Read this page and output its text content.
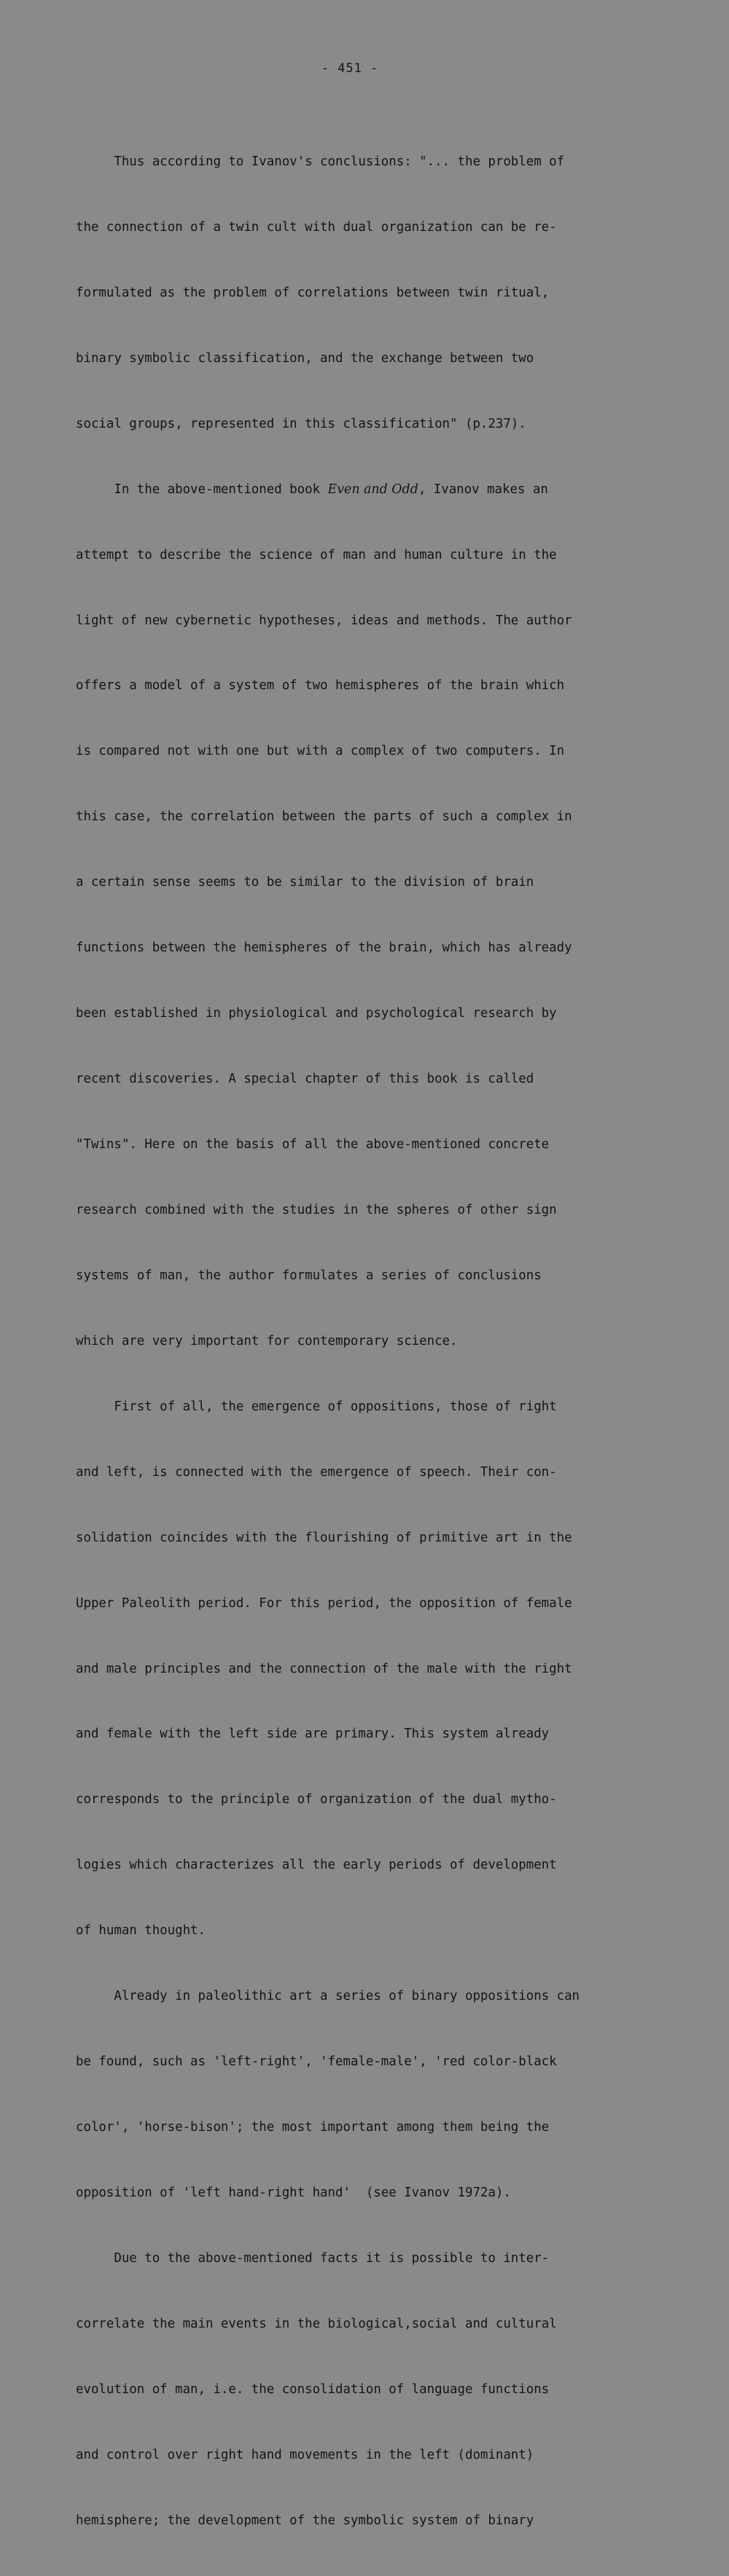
- 451 -

Thus according to Ivanov's conclusions: "... the problem of

the connection of a twin cult with dual organization can be re-

formulated as the problem of correlations between twin ritual,

binary symbolic classification, and the exchange between two

social groups, represented in this classification" (p.237).

In the above-mentioned book Even and Odd, Ivanov makes an

attempt to describe the science of man and human culture in the

light of new cybernetic hypotheses, ideas and methods. The author

offers a model of a system of two hemispheres of the brain which

is compared not with one but with a complex of two computers. In

this case, the correlation between the parts of such a complex in

a certain sense seems to be similar to the division of brain

functions between the hemispheres of the brain, which has already

been established in physiological and psychological research by

recent discoveries. A special chapter of this book is called

"Twins". Here on the basis of all the above-mentioned concrete

research combined with the studies in the spheres of other sign

systems of man, the author formulates a series of conclusions

which are very important for contemporary science.

First of all, the emergence of oppositions, those of right

and left, is connected with the emergence of speech. Their con-

solidation coincides with the flourishing of primitive art in the

Upper Paleolith period. For this period, the opposition of female

and male principles and the connection of the male with the right

and female with the left side are primary. This system already

corresponds to the principle of organization of the dual mytho-

logies which characterizes all the early periods of development

of human thought.

Already in paleolithic art a series of binary oppositions can

be found, such as 'left-right', 'female-male', 'red color-black

color', 'horse-bison'; the most important among them being the

opposition of 'left hand-right hand'  (see Ivanov 1972a).

Due to the above-mentioned facts it is possible to inter-

correlate the main events in the biological,social and cultural

evolution of man, i.e. the consolidation of language functions

and control over right hand movements in the left (dominant)

hemisphere; the development of the symbolic system of binary
